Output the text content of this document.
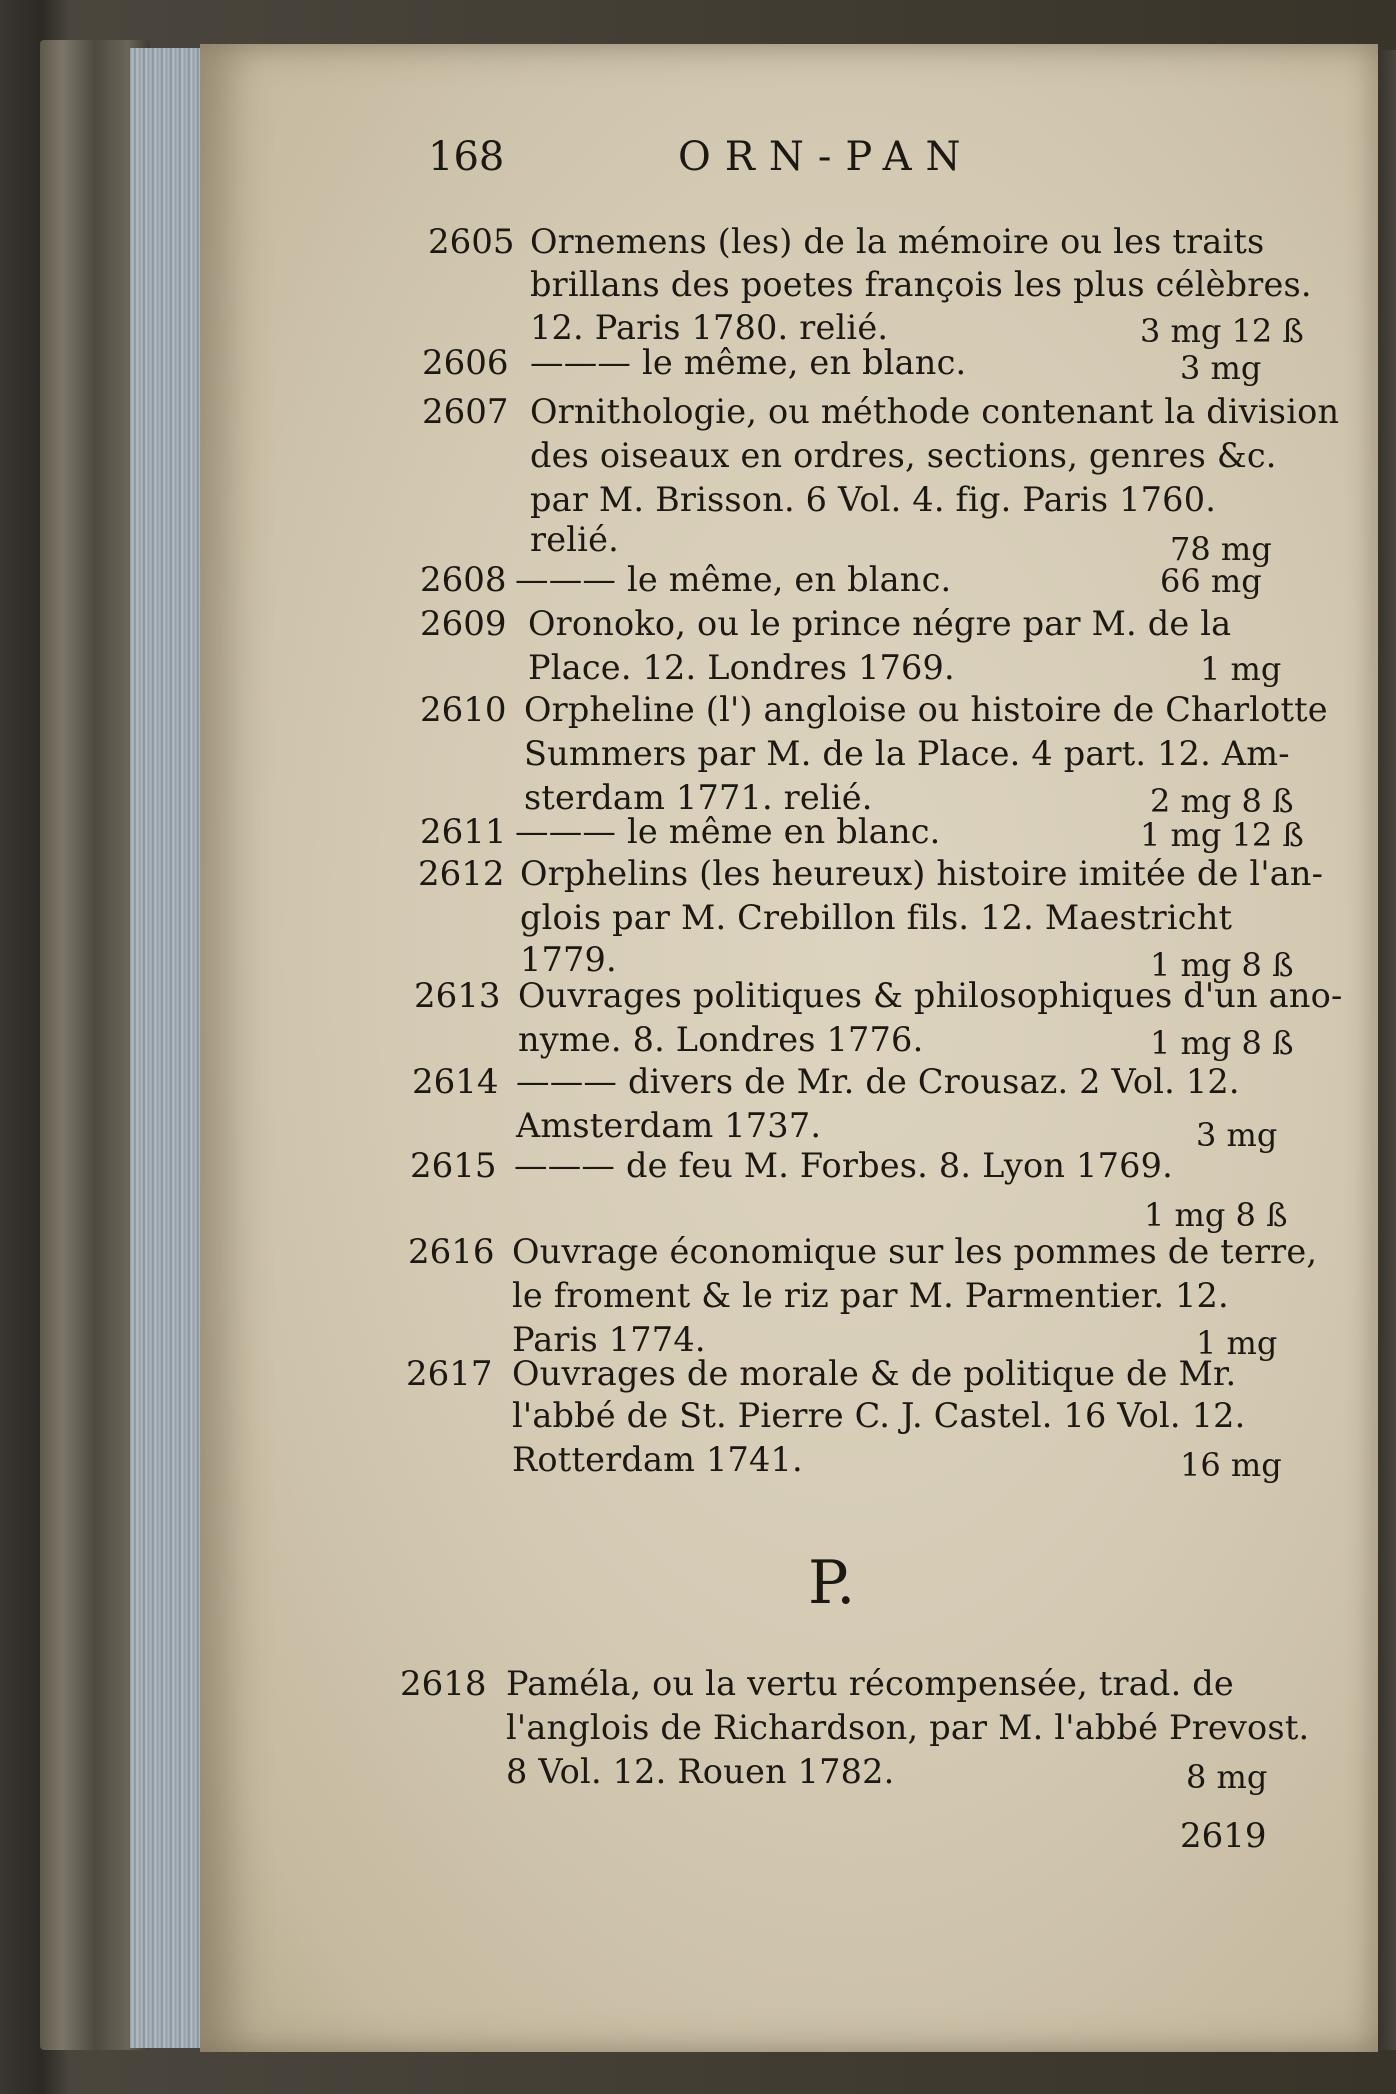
168	ORN-PAN
2605 Ornemens (les) de la mémoire ou les traits
brillans des poetes françois les plus célèbres.
12. Paris 1780. relié.	3 mg 12 ß
2606 ——— le même, en blanc.	3 mg
2607 Ornithologie, ou méthode contenant la division
des oiseaux en ordres, sections, genres &c.
par M. Brisson. 6 Vol. 4. fig. Paris 1760.
relié.	78 mg
2608 ——— le même, en blanc.	66 mg
2609 Oronoko, ou le prince négre par M. de la
Place. 12. Londres 1769.	1 mg
2610 Orpheline (l') angloise ou histoire de Charlotte
Summers par M. de la Place. 4 part. 12. Am-
sterdam 1771. relié.	2 mg 8 ß
2611 ——— le même en blanc.	1 mg 12 ß
2612 Orphelins (les heureux) histoire imitée de l'an-
glois par M. Crebillon fils. 12. Maestricht
1779.	1 mg 8 ß
2613 Ouvrages politiques & philosophiques d'un ano-
nyme. 8. Londres 1776.	1 mg 8 ß
2614 ——— divers de Mr. de Crousaz. 2 Vol. 12.
Amsterdam 1737.	3 mg
2615 ——— de feu M. Forbes. 8. Lyon 1769.
1 mg 8 ß
2616 Ouvrage économique sur les pommes de terre,
le froment & le riz par M. Parmentier. 12.
Paris 1774.	1 mg
2617 Ouvrages de morale & de politique de Mr.
l'abbé de St. Pierre C. J. Castel. 16 Vol. 12.
Rotterdam 1741.	16 mg
P.
2618 Paméla, ou la vertu récompensée, trad. de
l'anglois de Richardson, par M. l'abbé Prevost.
8 Vol. 12. Rouen 1782.	8 mg
2619
